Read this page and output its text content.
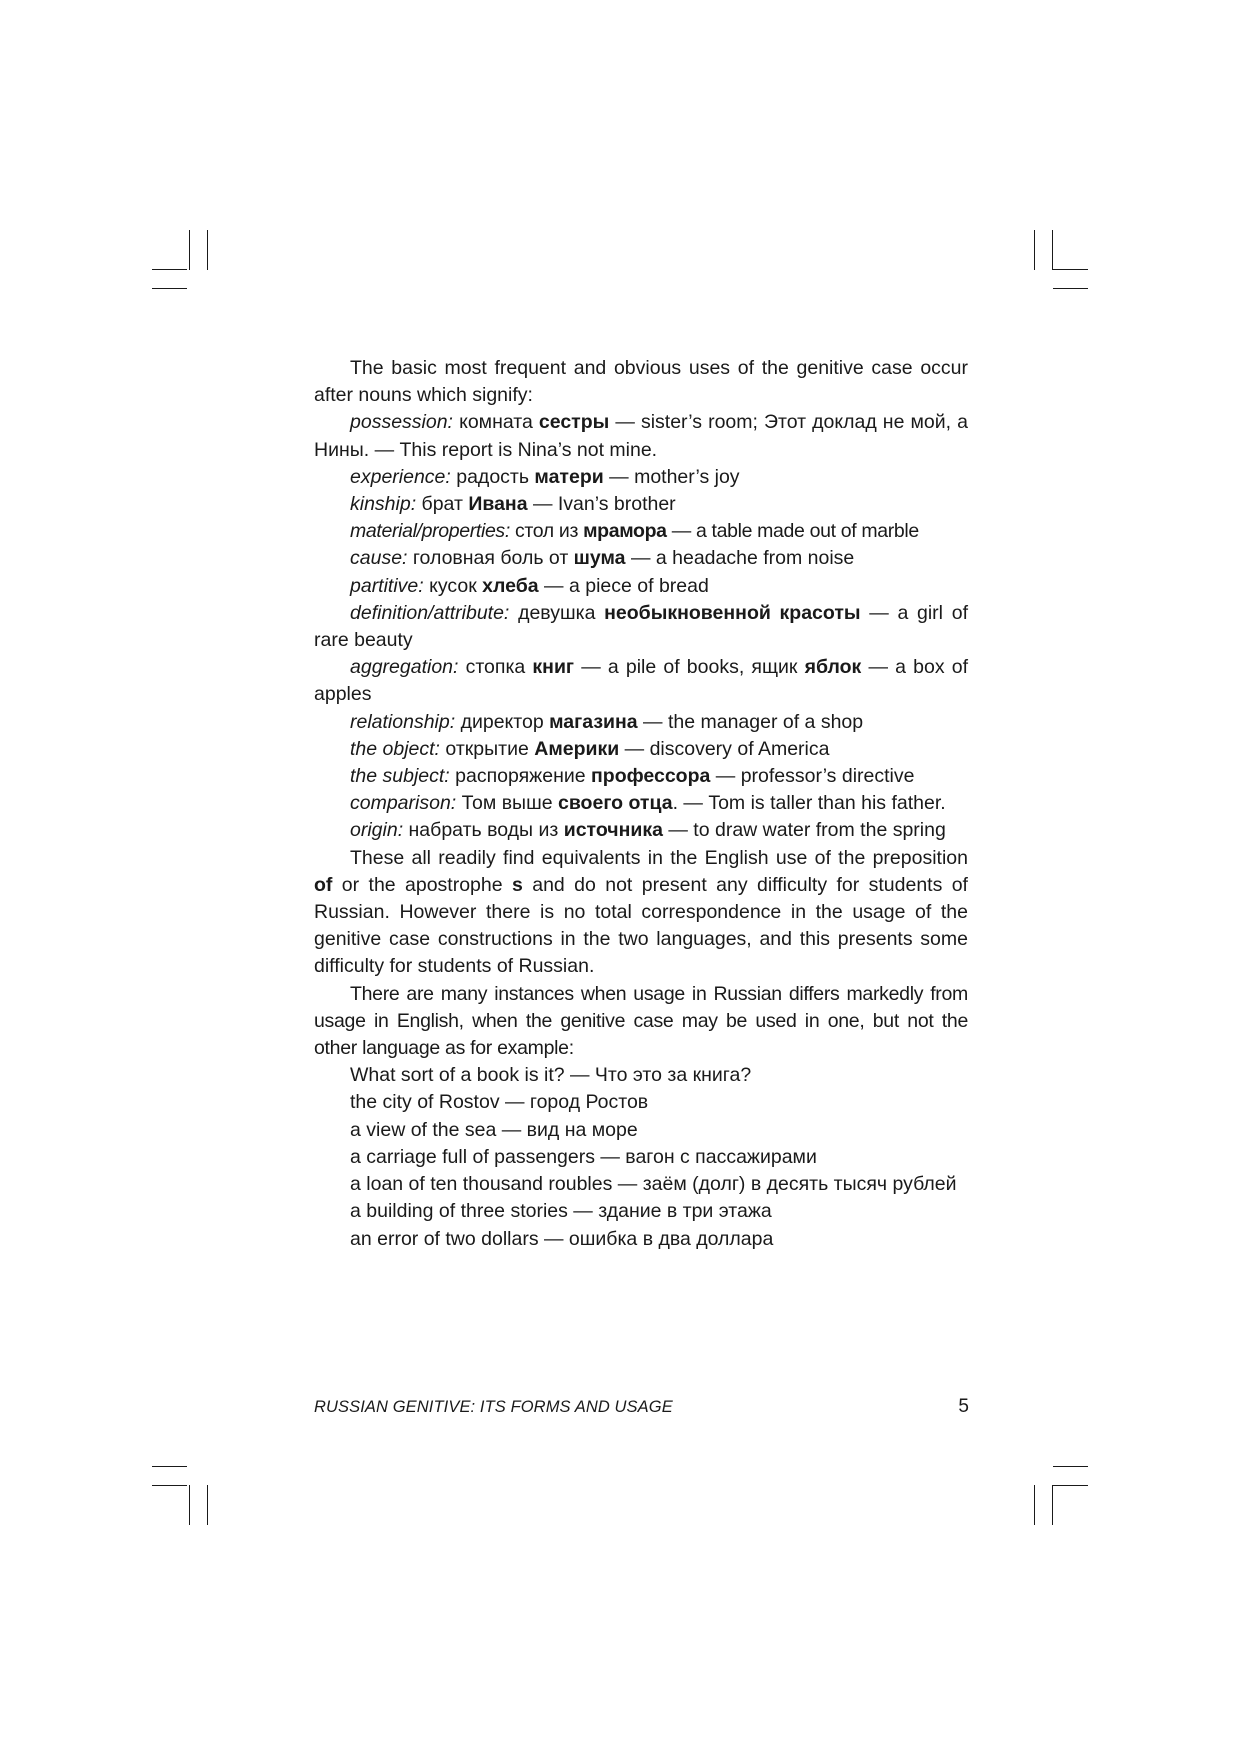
The basic most frequent and obvious uses of the genitive case occur after nouns which signify:

possession: комната сестры — sister’s room; Этот доклад не мой, а Нины. — This report is Nina’s not mine.

experience: радость матери — mother’s joy

kinship: брат Ивана — Ivan’s brother

material/properties: стол из мрамора — a table made out of marble

cause: головная боль от шума — a headache from noise

partitive: кусок хлеба — a piece of bread

definition/attribute: девушка необыкновенной красоты — a girl of rare beauty

aggregation: стопка книг — a pile of books, ящик яблок — a box of apples

relationship: директор магазина — the manager of a shop

the object: открытие Америки — discovery of America

the subject: распоряжение профессора — professor’s directive

comparison: Том выше своего отца. — Tom is taller than his father.

origin: набрать воды из источника — to draw water from the spring

These all readily find equivalents in the English use of the preposition of or the apostrophe s and do not present any difficulty for students of Russian. However there is no total correspondence in the usage of the genitive case constructions in the two languages, and this presents some difficulty for students of Russian.

There are many instances when usage in Russian differs markedly from usage in English, when the genitive case may be used in one, but not the other language as for example:

What sort of a book is it? — Что это за книга?

the city of Rostov — город Ростов

a view of the sea — вид на море

a carriage full of passengers — вагон с пассажирами

a loan of ten thousand roubles — заём (долг) в десять тысяч рублей

a building of three stories — здание в три этажа

an error of two dollars — ошибка в два доллара

RUSSIAN GENITIVE: ITS FORMS AND USAGE	5
